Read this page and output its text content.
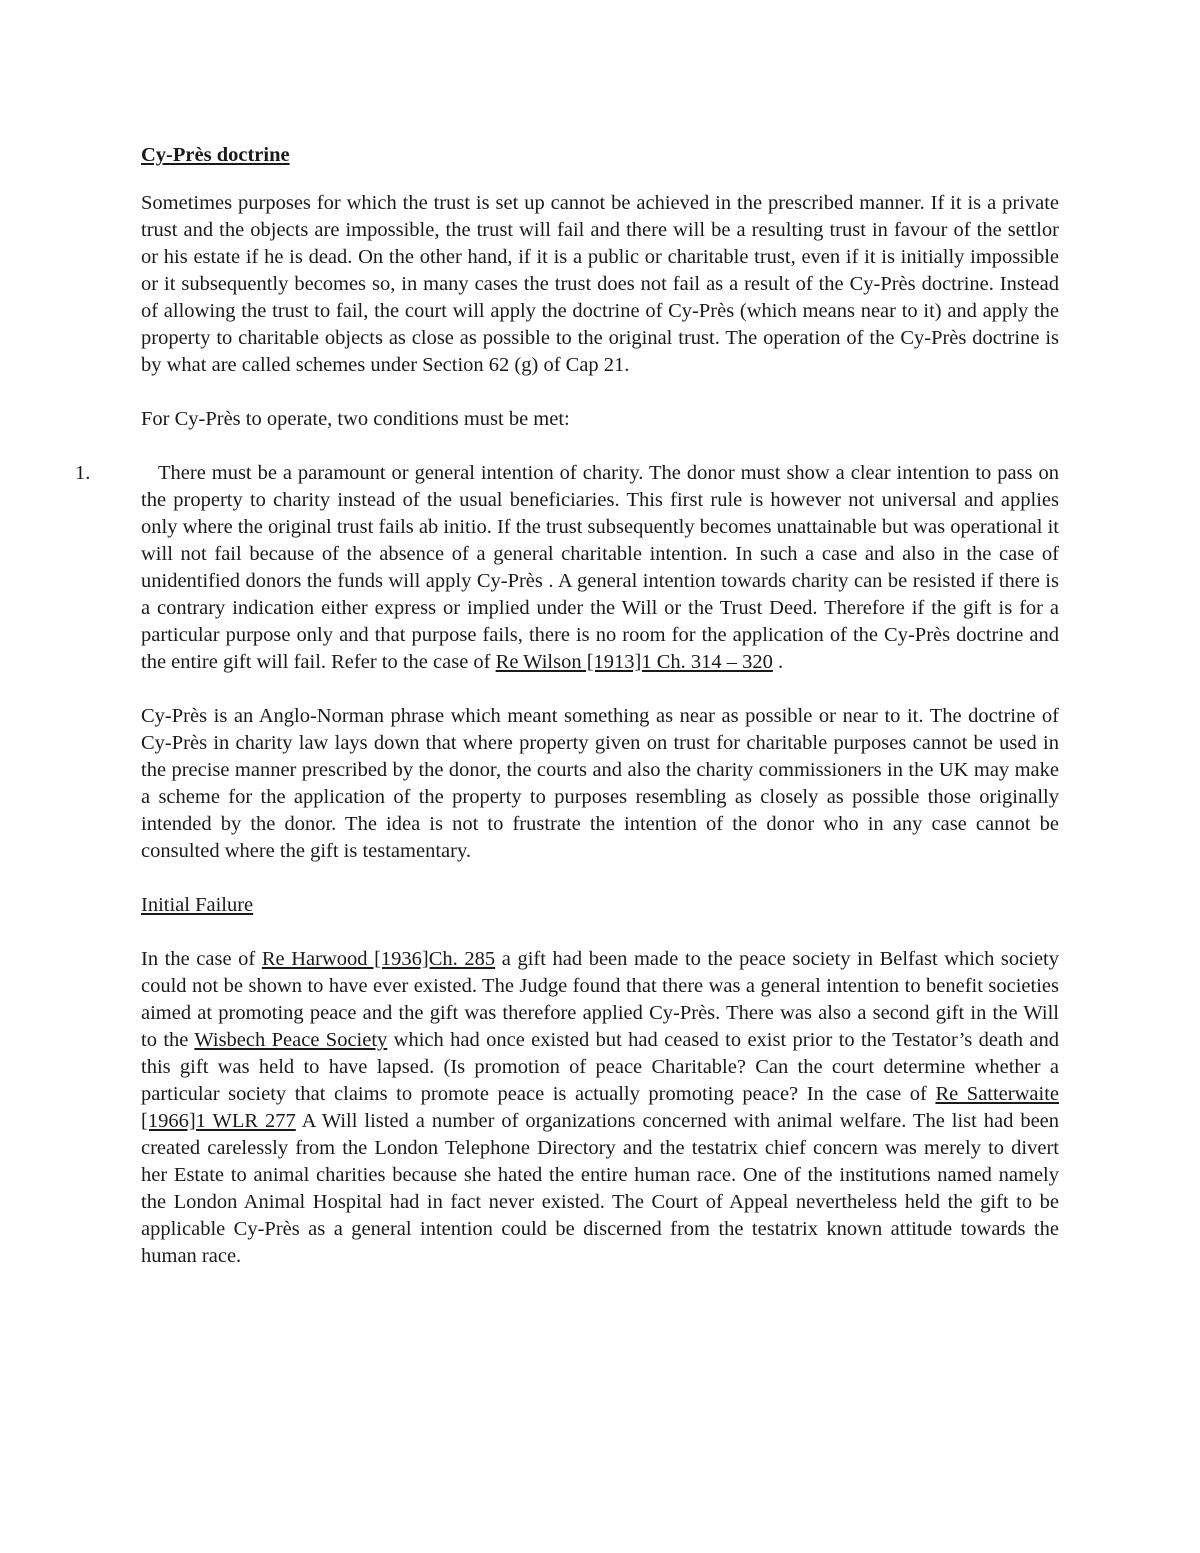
Cy-Près doctrine

Sometimes purposes for which the trust is set up cannot be achieved in the prescribed manner. If it is a private trust and the objects are impossible, the trust will fail and there will be a resulting trust in favour of the settlor or his estate if he is dead. On the other hand, if it is a public or charitable trust, even if it is initially impossible or it subsequently becomes so, in many cases the trust does not fail as a result of the Cy-Près doctrine. Instead of allowing the trust to fail, the court will apply the doctrine of Cy-Près (which means near to it) and apply the property to charitable objects as close as possible to the original trust. The operation of the Cy-Près doctrine is by what are called schemes under Section 62 (g) of Cap 21.

For Cy-Près to operate, two conditions must be met:

1.	There must be a paramount or general intention of charity. The donor must show a clear intention to pass on the property to charity instead of the usual beneficiaries. This first rule is however not universal and applies only where the original trust fails ab initio. If the trust subsequently becomes unattainable but was operational it will not fail because of the absence of a general charitable intention. In such a case and also in the case of unidentified donors the funds will apply Cy-Près . A general intention towards charity can be resisted if there is a contrary indication either express or implied under the Will or the Trust Deed. Therefore if the gift is for a particular purpose only and that purpose fails, there is no room for the application of the Cy-Près doctrine and the entire gift will fail. Refer to the case of Re Wilson [1913]1 Ch. 314 – 320 .

Cy-Près is an Anglo-Norman phrase which meant something as near as possible or near to it. The doctrine of Cy-Près in charity law lays down that where property given on trust for charitable purposes cannot be used in the precise manner prescribed by the donor, the courts and also the charity commissioners in the UK may make a scheme for the application of the property to purposes resembling as closely as possible those originally intended by the donor. The idea is not to frustrate the intention of the donor who in any case cannot be consulted where the gift is testamentary.

Initial Failure

In the case of Re Harwood [1936]Ch. 285 a gift had been made to the peace society in Belfast which society could not be shown to have ever existed. The Judge found that there was a general intention to benefit societies aimed at promoting peace and the gift was therefore applied Cy-Près. There was also a second gift in the Will to the Wisbech Peace Society which had once existed but had ceased to exist prior to the Testator’s death and this gift was held to have lapsed. (Is promotion of peace Charitable? Can the court determine whether a particular society that claims to promote peace is actually promoting peace? In the case of Re Satterwaite [1966]1 WLR 277 A Will listed a number of organizations concerned with animal welfare. The list had been created carelessly from the London Telephone Directory and the testatrix chief concern was merely to divert her Estate to animal charities because she hated the entire human race. One of the institutions named namely the London Animal Hospital had in fact never existed. The Court of Appeal nevertheless held the gift to be applicable Cy-Près as a general intention could be discerned from the testatrix known attitude towards the human race.
